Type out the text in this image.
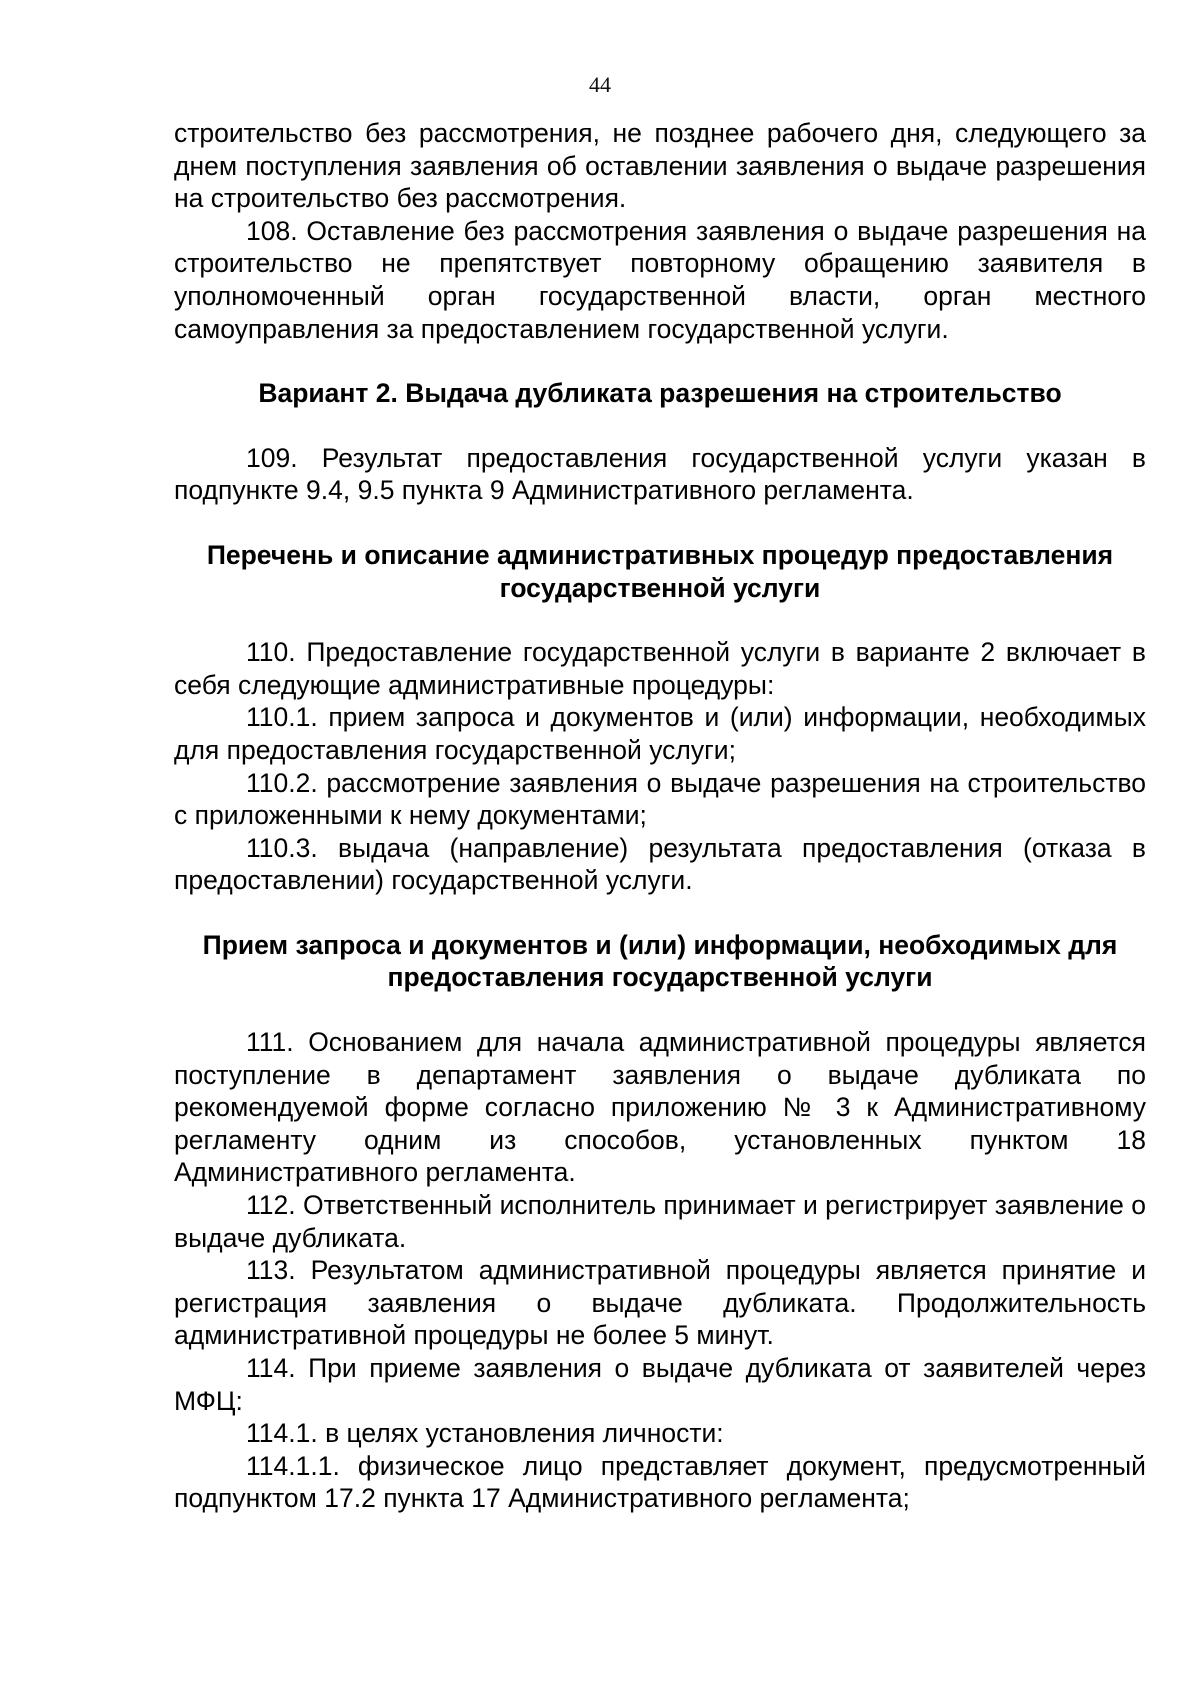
44

строительство без рассмотрения, не позднее рабочего дня, следующего за днем поступления заявления об оставлении заявления о выдаче разрешения на строительство без рассмотрения.

108. Оставление без рассмотрения заявления о выдаче разрешения на строительство не препятствует повторному обращению заявителя в уполномоченный орган государственной власти, орган местного самоуправления за предоставлением государственной услуги.

Вариант 2. Выдача дубликата разрешения на строительство

109. Результат предоставления государственной услуги указан в подпункте 9.4, 9.5 пункта 9 Административного регламента.

Перечень и описание административных процедур предоставления государственной услуги

110. Предоставление государственной услуги в варианте 2 включает в себя следующие административные процедуры:

110.1. прием запроса и документов и (или) информации, необходимых для предоставления государственной услуги;

110.2. рассмотрение заявления о выдаче разрешения на строительство с приложенными к нему документами;

110.3. выдача (направление) результата предоставления (отказа в предоставлении) государственной услуги.

Прием запроса и документов и (или) информации, необходимых для предоставления государственной услуги

111. Основанием для начала административной процедуры является поступление в департамент заявления о выдаче дубликата по рекомендуемой форме согласно приложению № 3 к Административному регламенту одним из способов, установленных пунктом 18 Административного регламента.

112. Ответственный исполнитель принимает и регистрирует заявление о выдаче дубликата.

113. Результатом административной процедуры является принятие и регистрация заявления о выдаче дубликата. Продолжительность административной процедуры не более 5 минут.

114. При приеме заявления о выдаче дубликата от заявителей через МФЦ:

114.1. в целях установления личности:

114.1.1. физическое лицо представляет документ, предусмотренный подпунктом 17.2 пункта 17 Административного регламента;
